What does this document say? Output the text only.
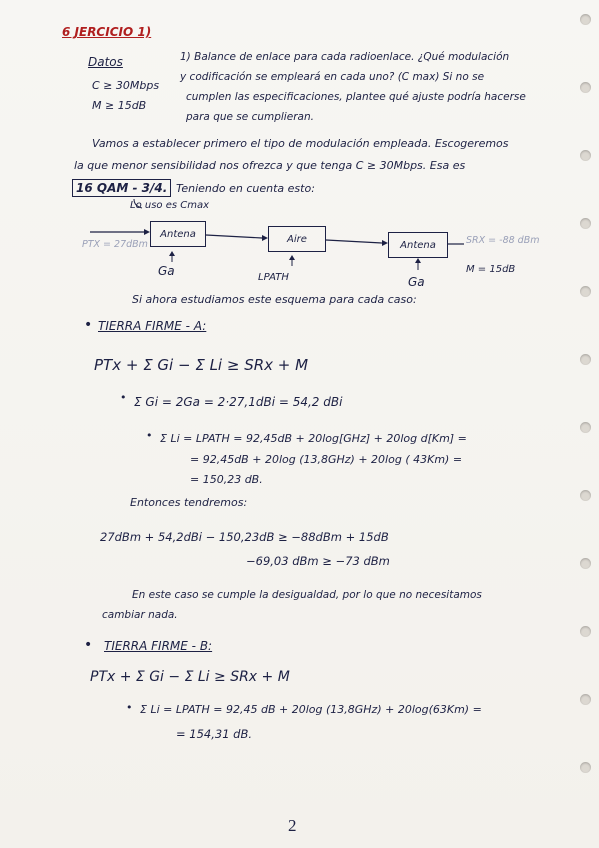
6 JERCICIO 1)
Datos
C ≥ 30Mbps
M ≥ 15dB
1) Balance de enlace para cada radioenlace. ¿Qué modulación
y codificación se empleará en cada uno? (C max) Si no se
cumplen las especificaciones, plantee qué ajuste podría hacerse
para que se cumplieran.
Vamos a establecer primero el tipo de modulación empleada. Escogeremos
la que menor sensibilidad nos ofrezca y que tenga C ≥ 30Mbps. Esa es
16 QAM - 3/4. Teniendo en cuenta esto:
Lo uso es Cmax
PTX = 27dBm
Antena	Aire
Antena	SRX = -88 dBm
M = 15dB
Ga	LPATH	Ga
Si ahora estudiamos este esquema para cada caso:
• TIERRA FIRME - A:
PTx + Σ Gi − Σ Li ≥ SRx + M
• Σ Gi = 2Ga = 2·27,1dBi = 54,2 dBi
• Σ Li = LPATH = 92,45dB + 20log[GHz] + 20log d[Km] =
= 92,45dB + 20log (13,8GHz) + 20log ( 43Km) =
= 150,23 dB.
Entonces tendremos:
27dBm + 54,2dBi − 150,23dB ≥ −88dBm + 15dB
−69,03 dBm ≥ −73 dBm
En este caso se cumple la desigualdad, por lo que no necesitamos
cambiar nada.
• TIERRA FIRME - B:
PTx + Σ Gi − Σ Li ≥ SRx + M
• Σ Li = LPATH = 92,45 dB + 20log (13,8GHz) + 20log(63Km) =
= 154,31 dB.
2
